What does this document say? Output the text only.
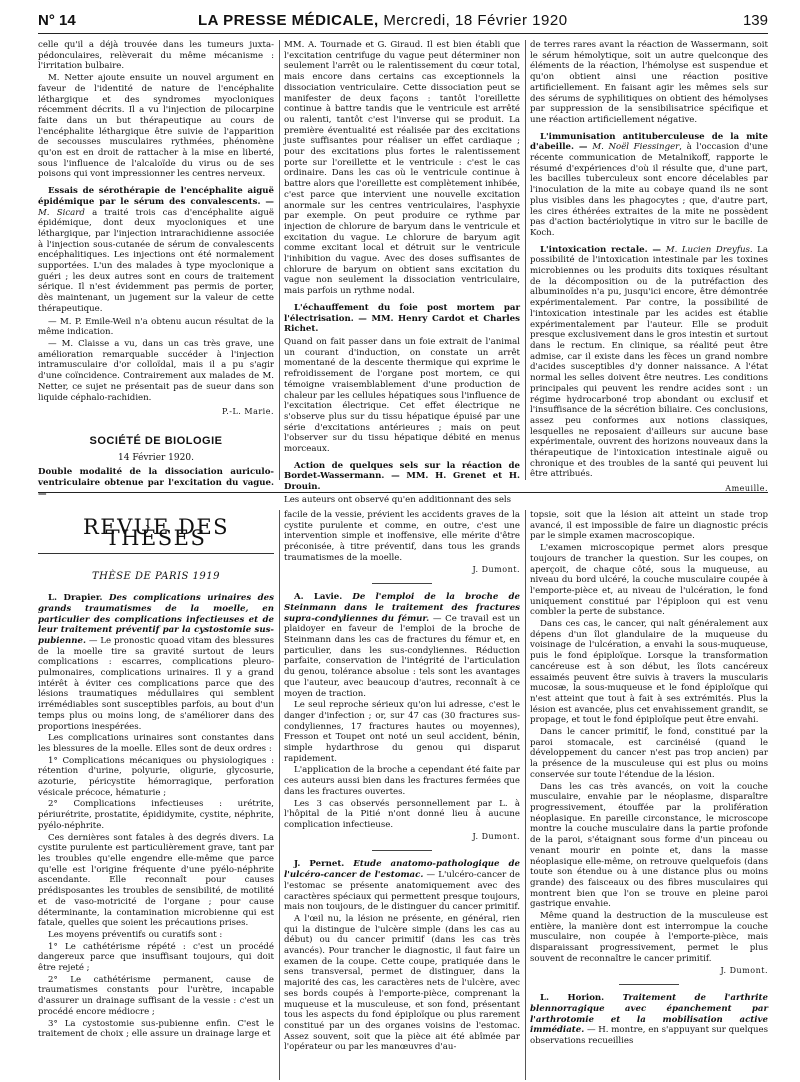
N° 14	LA PRESSE MÉDICALE, Mercredi, 18 Février 1920	139

celle qu'il a déjà trouvée dans les tumeurs juxta-pédonculaires, relèverait du même mécanisme : l'irritation bulbaire.

M. Netter ajoute ensuite un nouvel argument en faveur de l'identité de nature de l'encéphalite léthargique et des syndromes myocloniques récemment décrits. Il a vu l'injection de pilocarpine faite dans un but thérapeutique au cours de l'encéphalite léthargique être suivie de l'apparition de secousses musculaires rythmées, phénomène qu'on est en droit de rattacher à la mise en liberté, sous l'influence de l'alcaloïde du virus ou de ses poisons qui vont impressionner les centres nerveux.

Essais de sérothérapie de l'encéphalite aiguë épidémique par le sérum des convalescents. — M. Sicard a traité trois cas d'encéphalite aiguë épidémique, dont deux myocloniques et une léthargique, par l'injection intrarachidienne associée à l'injection sous-cutanée de sérum de convalescents encéphalitiques. Les injections ont été normalement supportées. L'un des malades à type myoclonique a guéri ; les deux autres sont en cours de traitement sérique. Il n'est évidemment pas permis de porter, dès maintenant, un jugement sur la valeur de cette thérapeutique.

— M. P. Emile-Weil n'a obtenu aucun résultat de la même indication.

— M. Claisse a vu, dans un cas très grave, une amélioration remarquable succéder à l'injection intramusculaire d'or colloïdal, mais il a pu s'agir d'une coïncidence. Contrairement aux malades de M. Netter, ce sujet ne présentait pas de sueur dans son liquide céphalo-rachidien.

P.-L. Marie.
SOCIÉTÉ DE BIOLOGIE
14 Février 1920.

Double modalité de la dissociation auriculo-ventriculaire obtenue par l'excitation du vague. —

MM. A. Tournade et G. Giraud. Il est bien établi que l'excitation centrifuge du vague peut déterminer non seulement l'arrêt ou le ralentissement du cœur total, mais encore dans certains cas exceptionnels la dissociation ventriculaire. Cette dissociation peut se manifester de deux façons : tantôt l'oreillette continue à battre tandis que le ventricule est arrêté ou ralenti, tantôt c'est l'inverse qui se produit. La première éventualité est réalisée par des excitations juste suffisantes pour réaliser un effet cardiaque ; pour des excitations plus fortes le ralentissement porte sur l'oreillette et le ventricule : c'est le cas ordinaire. Dans les cas où le ventricule continue à battre alors que l'oreillette est complètement inhibée, c'est parce que intervient une nouvelle excitation anormale sur les centres ventriculaires, l'asphyxie par exemple. On peut produire ce rythme par injection de chlorure de baryum dans le ventricule et excitation du vague. Le chlorure de baryum agit comme excitant local et détruit sur le ventricule l'inhibition du vague. Avec des doses suffisantes de chlorure de baryum on obtient sans excitation du vague non seulement la dissociation ventriculaire, mais parfois un rythme nodal.

L'échauffement du foie post mortem par l'électrisation. — MM. Henry Cardot et Charles Richet.

Quand on fait passer dans un foie extrait de l'animal un courant d'induction, on constate un arrêt momentané de la descente thermique qui exprime le refroidissement de l'organe post mortem, ce qui témoigne vraisemblablement d'une production de chaleur par les cellules hépatiques sous l'influence de l'excitation électrique. Cet effet électrique ne s'observe plus sur du tissu hépatique épuisé par une série d'excitations antérieures ; mais on peut l'observer sur du tissu hépatique débité en menus morceaux.

Action de quelques sels sur la réaction de Bordet-Wassermann. — MM. H. Grenet et H. Drouin.

Les auteurs ont observé qu'en additionnant des sels

de terres rares avant la réaction de Wassermann, soit le sérum hémolytique, soit un autre quelconque des éléments de la réaction, l'hémolyse est suspendue et qu'on obtient ainsi une réaction positive artificiellement. En faisant agir les mêmes sels sur des sérums de syphilitiques on obtient des hémolyses par suppression de la sensibilisatrice spécifique et une réaction artificiellement négative.

L'immunisation antituberculeuse de la mite d'abeille. — M. Noël Fiessinger, à l'occasion d'une récente communication de Metalnikoff, rapporte le résumé d'expériences d'où il résulte que, d'une part, les bacilles tuberculeux sont encore décelables par l'inoculation de la mite au cobaye quand ils ne sont plus visibles dans les phagocytes ; que, d'autre part, les cires éthérées extraites de la mite ne possèdent pas d'action bactériolytique in vitro sur le bacille de Koch.

L'intoxication rectale. — M. Lucien Dreyfus. La possibilité de l'intoxication intestinale par les toxines microbiennes ou les produits dits toxiques résultant de la décomposition ou de la putréfaction des albuminoïdes n'a pu, jusqu'ici encore, être démontrée expérimentalement. Par contre, la possibilité de l'intoxication intestinale par les acides est établie expérimentalement par l'auteur. Elle se produit presque exclusivement dans le gros intestin et surtout dans le rectum. En clinique, sa réalité peut être admise, car il existe dans les fèces un grand nombre d'acides susceptibles d'y donner naissance. A l'état normal les selles doivent être neutres. Les conditions principales qui peuvent les rendre acides sont : un régime hydrocarboné trop abondant ou exclusif et l'insuffisance de la sécrétion biliaire. Ces conclusions, assez peu conformes aux notions classiques, lesquelles ne reposaient d'ailleurs sur aucune base expérimentale, ouvrent des horizons nouveaux dans la thérapeutique de l'intoxication intestinale aiguë ou chronique et des troubles de la santé qui peuvent lui être attribués.

Ameuille.
REVUE DES THÈSES
THÈSE DE PARIS 1919

L. Drapier. Des complications urinaires des grands traumatismes de la moelle, en particulier des complications infectieuses et de leur traitement préventif par la cystostomie sus-pubienne. — Le pronostic quoad vitam des blessures de la moelle tire sa gravité surtout de leurs complications : escarres, complications pleuro-pulmonaires, complications urinaires. Il y a grand intérêt à éviter ces complications parce que des lésions traumatiques médullaires qui semblent irrémédiables sont susceptibles parfois, au bout d'un temps plus ou moins long, de s'améliorer dans des proportions inespérées.

Les complications urinaires sont constantes dans les blessures de la moelle. Elles sont de deux ordres :

1° Complications mécaniques ou physiologiques : rétention d'urine, polyurie, oligurie, glycosurie, azoturie, péricystite hémorragique, perforation vésicale précoce, hématurie ;

2° Complications infectieuses : urétrite, périurétrite, prostatite, épididymite, cystite, néphrite, pyélo-néphrite.

Ces dernières sont fatales à des degrés divers. La cystite purulente est particulièrement grave, tant par les troubles qu'elle engendre elle-même que parce qu'elle est l'origine fréquente d'une pyélo-néphrite ascendante. Elle reconnaît pour causes prédisposantes les troubles de sensibilité, de motilité et de vaso-motricité de l'organe ; pour cause déterminante, la contamination microbienne qui est fatale, quelles que soient les précautions prises.

Les moyens préventifs ou curatifs sont :

1° Le cathétérisme répété : c'est un procédé dangereux parce que insuffisant toujours, qui doit être rejeté ;

2° Le cathétérisme permanent, cause de traumatismes constants pour l'urètre, incapable d'assurer un drainage suffisant de la vessie : c'est un procédé encore médiocre ;

3° La cystostomie sus-pubienne enfin. C'est le traitement de choix ; elle assure un drainage large et

facile de la vessie, prévient les accidents graves de la cystite purulente et comme, en outre, c'est une intervention simple et inoffensive, elle mérite d'être préconisée, à titre préventif, dans tous les grands traumatismes de la moelle.

J. Dumont.

A. Lavie. De l'emploi de la broche de Steinmann dans le traitement des fractures supra-condyliennes du fémur. — Ce travail est un plaidoyer en faveur de l'emploi de la broche de Steinmann dans les cas de fractures du fémur et, en particulier, dans les sus-condyliennes. Réduction parfaite, conservation de l'intégrité de l'articulation du genou, tolérance absolue : tels sont les avantages que l'auteur, avec beaucoup d'autres, reconnaît à ce moyen de traction.

Le seul reproche sérieux qu'on lui adresse, c'est le danger d'infection ; or, sur 47 cas (30 fractures sus-condyliennes, 17 fractures hautes ou moyennes), Fresson et Toupet ont noté un seul accident, bénin, simple hydarthrose du genou qui disparut rapidement.

L'application de la broche a cependant été faite par ces auteurs aussi bien dans les fractures fermées que dans les fractures ouvertes.

Les 3 cas observés personnellement par L. à l'hôpital de la Pitié n'ont donné lieu à aucune complication infectieuse.

J. Dumont.

J. Pernet. Etude anatomo-pathologique de l'ulcéro-cancer de l'estomac. — L'ulcéro-cancer de l'estomac se présente anatomiquement avec des caractères spéciaux qui permettent presque toujours, mais non toujours, de le distinguer du cancer primitif.

A l'œil nu, la lésion ne présente, en général, rien qui la distingue de l'ulcère simple (dans les cas au début) ou du cancer primitif (dans les cas très avancés). Pour trancher le diagnostic, il faut faire un examen de la coupe. Cette coupe, pratiquée dans le sens transversal, permet de distinguer, dans la majorité des cas, les caractères nets de l'ulcère, avec ses bords coupés à l'emporte-pièce, comprenant la muqueuse et la musculeuse, et son fond, présentant tous les aspects du fond épiploïque ou plus rarement constitué par un des organes voisins de l'estomac. Assez souvent, soit que la pièce ait été abîmée par l'opérateur ou par les manœuvres d'au-

topsie, soit que la lésion ait atteint un stade trop avancé, il est impossible de faire un diagnostic précis par le simple examen macroscopique.

L'examen microscopique permet alors presque toujours de trancher la question. Sur les coupes, on aperçoit, de chaque côté, sous la muqueuse, au niveau du bord ulcéré, la couche musculaire coupée à l'emporte-pièce et, au niveau de l'ulcération, le fond uniquement constitué par l'épiploon qui est venu combler la perte de substance.

Dans ces cas, le cancer, qui naît généralement aux dépens d'un îlot glandulaire de la muqueuse du voisinage de l'ulcération, a envahi la sous-muqueuse, puis le fond épiploïque. Lorsque la transformation cancéreuse est à son début, les îlots cancéreux essaimés peuvent être suivis à travers la muscularis mucosæ, la sous-muqueuse et le fond épiploïque qui n'est atteint que tout à fait à ses extrémités. Plus la lésion est avancée, plus cet envahissement grandit, se propage, et tout le fond épiploïque peut être envahi.

Dans le cancer primitif, le fond, constitué par la paroi stomacale, est carcinéisé (quand le développement du cancer n'est pas trop ancien) par la présence de la musculeuse qui est plus ou moins conservée sur toute l'étendue de la lésion.

Dans les cas très avancés, on voit la couche musculaire, envahie par le néoplasme, disparaître progressivement, étouffée par la prolifération néoplasique. En pareille circonstance, le microscope montre la couche musculaire dans la partie profonde de la paroi, s'étaignant sous forme d'un pinceau ou venant mourir en pointe et, dans la masse néoplasique elle-même, on retrouve quelquefois (dans toute son étendue ou à une distance plus ou moins grande) des faisceaux ou des fibres musculaires qui montrent bien que l'on se trouve en pleine paroi gastrique envahie.

Même quand la destruction de la musculeuse est entière, la manière dont est interrompue la couche musculaire, non coupée à l'emporte-pièce, mais disparaissant progressivement, permet le plus souvent de reconnaître le cancer primitif.

J. Dumont.

L. Horion. Traitement de l'arthrite blennorragique avec épanchement par l'arthrotomie et la mobilisation active immédiate. — H. montre, en s'appuyant sur quelques observations recueillies
